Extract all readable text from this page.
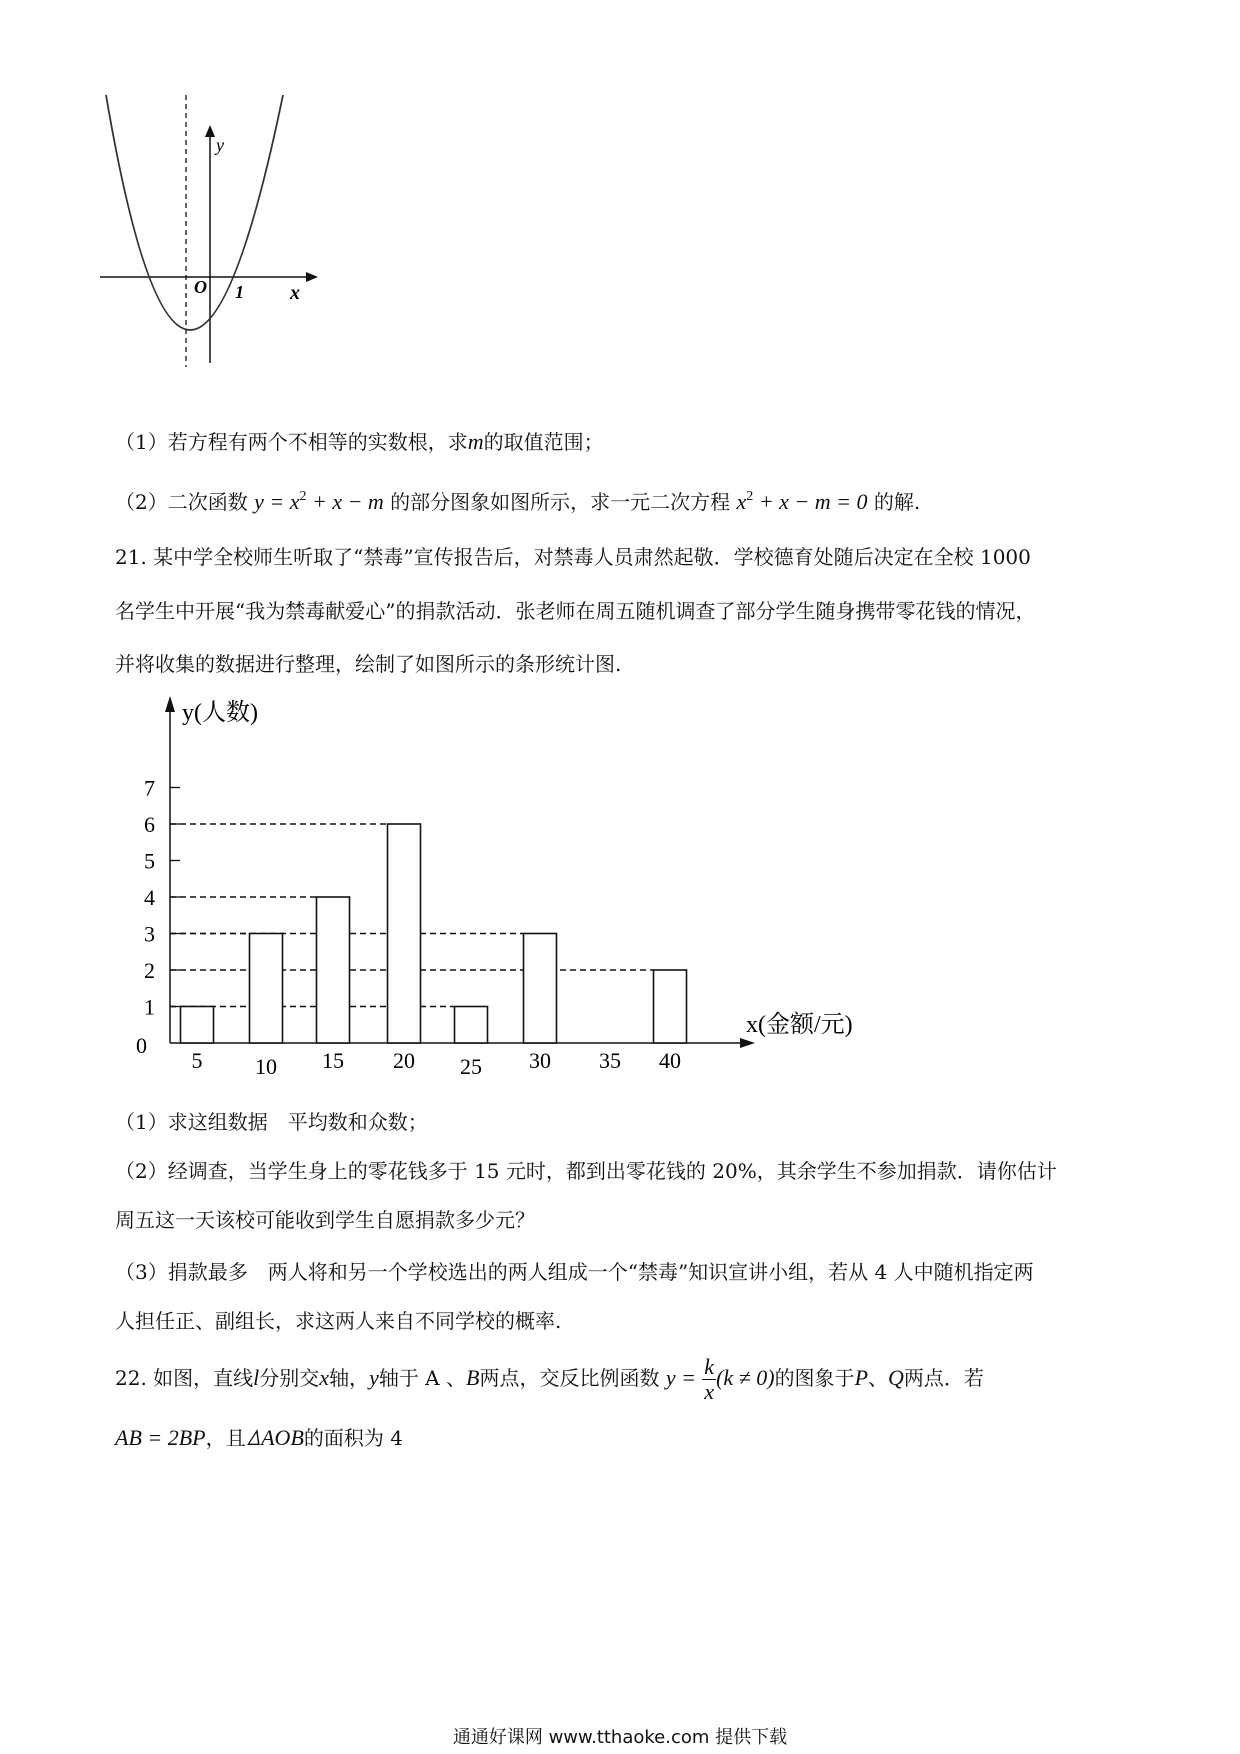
y
x
O 1
（1）若方程有两个不相等的实数根，求m的取值范围；
（2）二次函数 $y = x^2 + x - m$ 的部分图象如图所示，求一元二次方程 $x^2 + x - m = 0$ 的解.
21. 某中学全校师生听取了“禁毒”宣传报告后，对禁毒人员肃然起敬．学校德育处随后决定在全校 1000
名学生中开展“我为禁毒献爱心”的捐款活动．张老师在周五随机调查了部分学生随身携带零花钱的情况，
并将收集的数据进行整理，绘制了如图所示的条形统计图.
1
2
3
4
5
6
7
0
5 10 15 20 25 30 35 40
y(人数)
x(金额/元)
（1）求这组数据　平均数和众数；
（2）经调查，当学生身上的零花钱多于 15 元时，都到出零花钱的 20%，其余学生不参加捐款．请你估计
周五这一天该校可能收到学生自愿捐款多少元？
（3）捐款最多　两人将和另一个学校选出的两人组成一个“禁毒”知识宣讲小组，若从 4 人中随机指定两
人担任正、副组长，求这两人来自不同学校的概率.
22. 如图，直线l分别交x轴，y轴于 A 、B两点，交反比例函数 $y = \frac{k}{x} (k \ne 0)$的图象于P、Q两点．若
AB = 2BP，且ꕔAOB的面积为 4
通通好课网 www.tthaoke.com 提供下载
